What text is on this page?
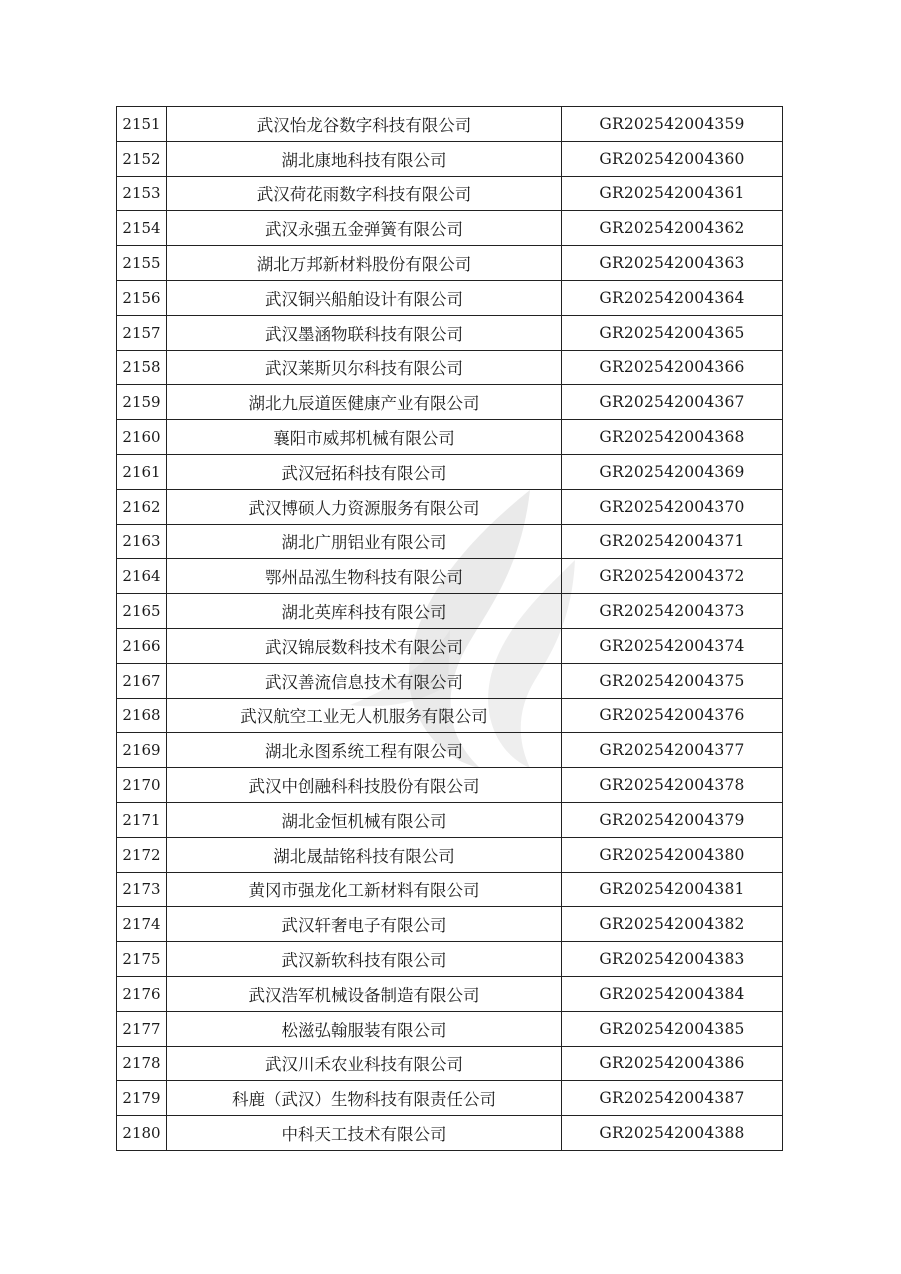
2151	武汉怡龙谷数字科技有限公司	GR202542004359
2152	湖北康地科技有限公司	GR202542004360
2153	武汉荷花雨数字科技有限公司	GR202542004361
2154	武汉永强五金弹簧有限公司	GR202542004362
2155	湖北万邦新材料股份有限公司	GR202542004363
2156	武汉铜兴船舶设计有限公司	GR202542004364
2157	武汉墨涵物联科技有限公司	GR202542004365
2158	武汉莱斯贝尔科技有限公司	GR202542004366
2159	湖北九辰道医健康产业有限公司	GR202542004367
2160	襄阳市威邦机械有限公司	GR202542004368
2161	武汉冠拓科技有限公司	GR202542004369
2162	武汉博硕人力资源服务有限公司	GR202542004370
2163	湖北广朋铝业有限公司	GR202542004371
2164	鄂州品泓生物科技有限公司	GR202542004372
2165	湖北英库科技有限公司	GR202542004373
2166	武汉锦辰数科技术有限公司	GR202542004374
2167	武汉善流信息技术有限公司	GR202542004375
2168	武汉航空工业无人机服务有限公司	GR202542004376
2169	湖北永图系统工程有限公司	GR202542004377
2170	武汉中创融科科技股份有限公司	GR202542004378
2171	湖北金恒机械有限公司	GR202542004379
2172	湖北晟喆铭科技有限公司	GR202542004380
2173	黄冈市强龙化工新材料有限公司	GR202542004381
2174	武汉轩奢电子有限公司	GR202542004382
2175	武汉新软科技有限公司	GR202542004383
2176	武汉浩军机械设备制造有限公司	GR202542004384
2177	松滋弘翰服装有限公司	GR202542004385
2178	武汉川禾农业科技有限公司	GR202542004386
2179	科鹿（武汉）生物科技有限责任公司	GR202542004387
2180	中科天工技术有限公司	GR202542004388
